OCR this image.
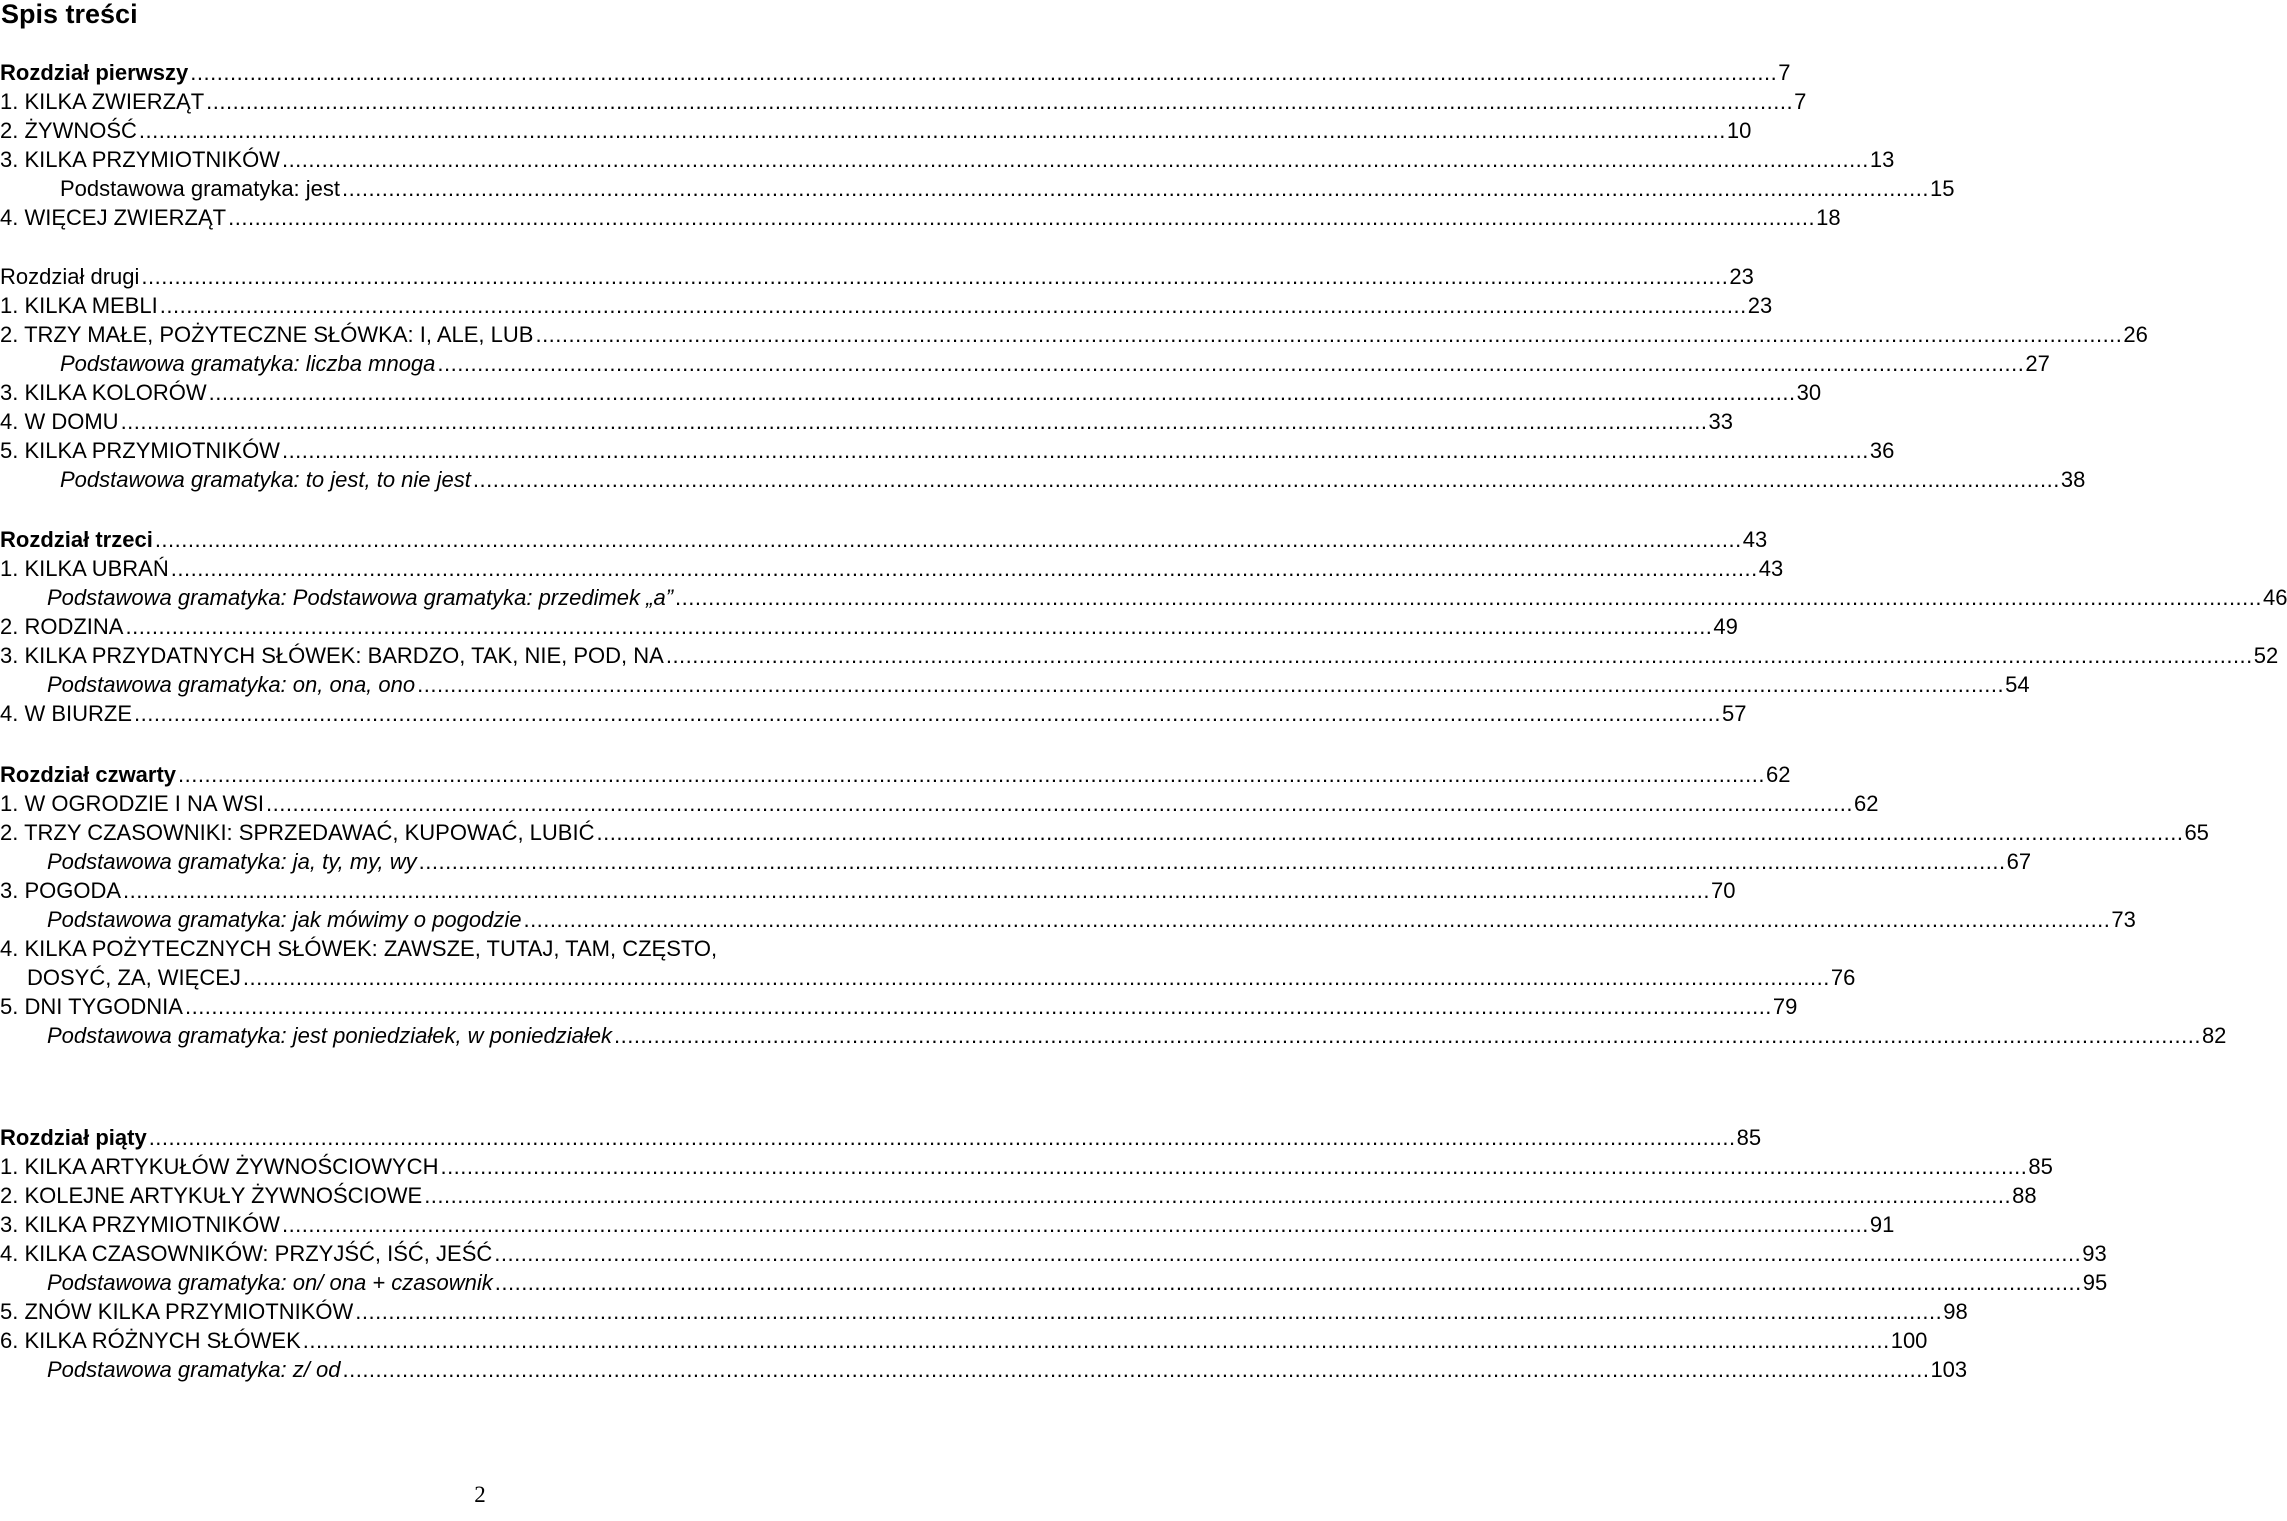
Spis treści
Rozdział pierwszy ................................................................................................................................................................................................................................................ 7
1. KILKA ZWIERZĄT ................................................................................................................................................................................................................................................ 7
2. ŻYWNOŚĆ ................................................................................................................................................................................................................................................ 10
3. KILKA PRZYMIOTNIKÓW ................................................................................................................................................................................................................................................ 13
Podstawowa gramatyka: jest ................................................................................................................................................................................................................................................ 15
4. WIĘCEJ ZWIERZĄT ................................................................................................................................................................................................................................................ 18
Rozdział drugi ................................................................................................................................................................................................................................................ 23
1. KILKA MEBLI ................................................................................................................................................................................................................................................ 23
2. TRZY MAŁE, POŻYTECZNE SŁÓWKA: I, ALE, LUB ................................................................................................................................................................................................................................................ 26
Podstawowa gramatyka: liczba mnoga ................................................................................................................................................................................................................................................ 27
3. KILKA KOLORÓW ................................................................................................................................................................................................................................................ 30
4. W DOMU ................................................................................................................................................................................................................................................ 33
5. KILKA PRZYMIOTNIKÓW ................................................................................................................................................................................................................................................ 36
Podstawowa gramatyka: to jest, to nie jest ................................................................................................................................................................................................................................................ 38
Rozdział trzeci ................................................................................................................................................................................................................................................ 43
1. KILKA UBRAŃ ................................................................................................................................................................................................................................................ 43
Podstawowa gramatyka: Podstawowa gramatyka: przedimek „a” ................................................................................................................................................................................................................................................ 46
2. RODZINA ................................................................................................................................................................................................................................................ 49
3. KILKA PRZYDATNYCH SŁÓWEK: BARDZO, TAK, NIE, POD, NA ................................................................................................................................................................................................................................................ 52
Podstawowa gramatyka: on, ona, ono ................................................................................................................................................................................................................................................ 54
4. W BIURZE ................................................................................................................................................................................................................................................ 57
Rozdział czwarty ................................................................................................................................................................................................................................................ 62
1. W OGRODZIE I NA WSI ................................................................................................................................................................................................................................................ 62
2. TRZY CZASOWNIKI: SPRZEDAWAĆ, KUPOWAĆ, LUBIĆ ................................................................................................................................................................................................................................................ 65
Podstawowa gramatyka: ja, ty, my, wy ................................................................................................................................................................................................................................................ 67
3. POGODA ................................................................................................................................................................................................................................................ 70
Podstawowa gramatyka: jak mówimy o pogodzie ................................................................................................................................................................................................................................................ 73
4. KILKA POŻYTECZNYCH SŁÓWEK: ZAWSZE, TUTAJ, TAM, CZĘSTO,
DOSYĆ, ZA, WIĘCEJ ................................................................................................................................................................................................................................................ 76
5. DNI TYGODNIA ................................................................................................................................................................................................................................................ 79
Podstawowa gramatyka: jest poniedziałek, w poniedziałek ................................................................................................................................................................................................................................................ 82
Rozdział piąty ................................................................................................................................................................................................................................................ 85
1. KILKA ARTYKUŁÓW ŻYWNOŚCIOWYCH ................................................................................................................................................................................................................................................ 85
2. KOLEJNE ARTYKUŁY ŻYWNOŚCIOWE ................................................................................................................................................................................................................................................ 88
3. KILKA PRZYMIOTNIKÓW ................................................................................................................................................................................................................................................ 91
4. KILKA CZASOWNIKÓW: PRZYJŚĆ, IŚĆ, JEŚĆ ................................................................................................................................................................................................................................................ 93
Podstawowa gramatyka: on/ ona + czasownik ................................................................................................................................................................................................................................................ 95
5. ZNÓW KILKA PRZYMIOTNIKÓW ................................................................................................................................................................................................................................................ 98
6. KILKA RÓŻNYCH SŁÓWEK ................................................................................................................................................................................................................................................ 100
Podstawowa gramatyka: z/ od ................................................................................................................................................................................................................................................ 103
2
